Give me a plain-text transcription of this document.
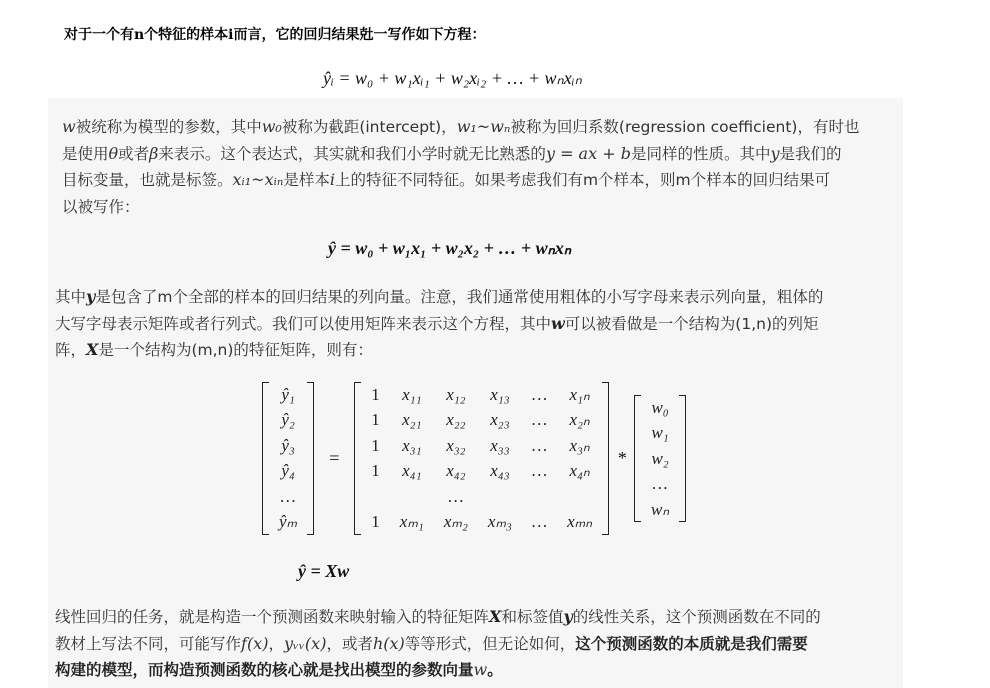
对于一个有n个特征的样本i而言，它的回归结果兙一写作如下方程：
ŷᵢ = w₀ + w₁xᵢ₁ + w₂xᵢ₂ + … + wₙxᵢₙ
w被统称为模型的参数，其中w₀被称为截距(intercept)，w₁~wₙ被称为回归系数(regression coefficient)，有时也
是使用θ或者β来表示。这个表达式，其实就和我们小学时就无比熟悉的y = ax + b是同样的性质。其中y是我们的
目标变量，也就是标签。xᵢ₁~xᵢₙ是样本i上的特征不同特征。如果考虑我们有m个样本，则m个样本的回归结果可
以被写作：
ŷ = w₀ + w₁x₁ + w₂x₂ + … + wₙxₙ
其中y是包含了m个全部的样本的回归结果的列向量。注意，我们通常使用粗体的小写字母来表示列向量，粗体的
大写字母表示矩阵或者行列式。我们可以使用矩阵来表示这个方程，其中w可以被看做是一个结构为(1,n)的列矩
阵，X是一个结构为(m,n)的特征矩阵，则有：
ŷ₁
ŷ₂
ŷ₃
ŷ₄
…
ŷₘ
=
1	x₁₁	x₁₂	x₁₃	…	x₁ₙ
1	x₂₁	x₂₂	x₂₃	…	x₂ₙ
1	x₃₁	x₃₂	x₃₃	…	x₃ₙ
1	x₄₁	x₄₂	x₄₃	…	x₄ₙ
		…			
1	xₘ₁	xₘ₂	xₘ₃	…	xₘₙ
*
w₀
w₁
w₂
…
wₙ
ŷ = Xw
线性回归的任务，就是构造一个预测函数来映射输入的特征矩阵X和标签值y的线性关系，这个预测函数在不同的
教材上写法不同，可能写作f(x)，yᵥᵥ(x)，或者h(x)等等形式，但无论如何，这个预测函数的本质就是我们需要
构建的模型，而构造预测函数的核心就是找出模型的参数向量w。
